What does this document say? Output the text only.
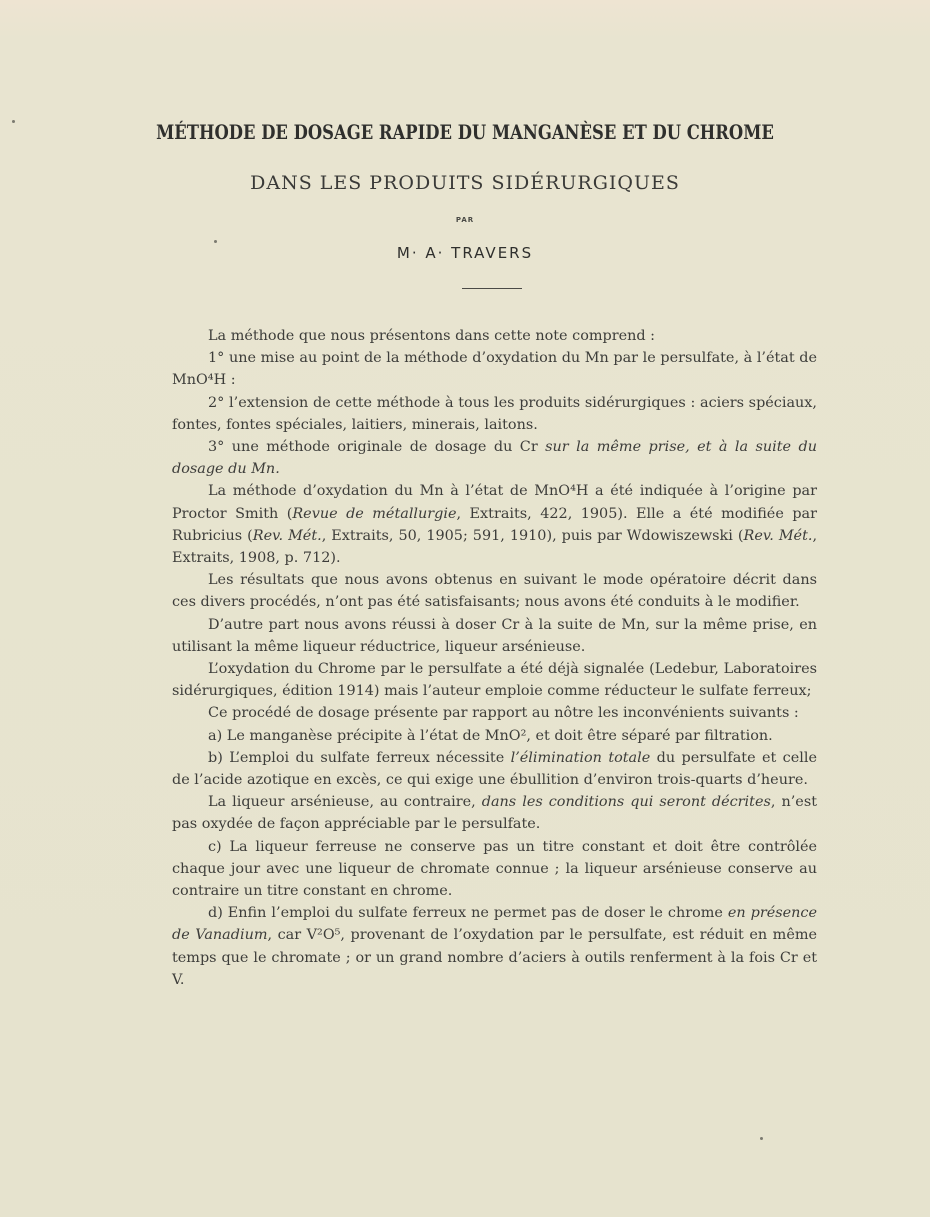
MÉTHODE DE DOSAGE RAPIDE DU MANGANÈSE ET DU CHROME
DANS LES PRODUITS SIDÉRURGIQUES
PAR
M· A· TRAVERS

La méthode que nous présentons dans cette note comprend :

1° une mise au point de la méthode d’oxydation du Mn par le persulfate, à l’état de MnO⁴H :

2° l’extension de cette méthode à tous les produits sidérurgiques : aciers spéciaux, fontes, fontes spéciales, laitiers, minerais, laitons.

3° une méthode originale de dosage du Cr sur la même prise, et à la suite du dosage du Mn.

La méthode d’oxydation du Mn à l’état de MnO⁴H a été indiquée à l’origine par Proctor Smith (Revue de métallurgie, Extraits, 422, 1905). Elle a été modifiée par Rubricius (Rev. Mét., Extraits, 50, 1905; 591, 1910), puis par Wdowiszewski (Rev. Mét., Extraits, 1908, p. 712).

Les résultats que nous avons obtenus en suivant le mode opératoire décrit dans ces divers procédés, n’ont pas été satisfaisants; nous avons été conduits à le modifier.

D’autre part nous avons réussi à doser Cr à la suite de Mn, sur la même prise, en utilisant la même liqueur réductrice, liqueur arsénieuse.

L’oxydation du Chrome par le persulfate a été déjà signalée (Ledebur, Laboratoires sidérurgiques, édition 1914) mais l’auteur emploie comme réducteur le sulfate ferreux;

Ce procédé de dosage présente par rapport au nôtre les inconvénients suivants :

a) Le manganèse précipite à l’état de MnO², et doit être séparé par filtration.

b) L’emploi du sulfate ferreux nécessite l’élimination totale du persulfate et celle de l’acide azotique en excès, ce qui exige une ébullition d’environ trois-quarts d’heure.

La liqueur arsénieuse, au contraire, dans les conditions qui seront décrites, n’est pas oxydée de façon appréciable par le persulfate.

c) La liqueur ferreuse ne conserve pas un titre constant et doit être contrôlée chaque jour avec une liqueur de chromate connue ; la liqueur arsénieuse conserve au contraire un titre constant en chrome.

d) Enfin l’emploi du sulfate ferreux ne permet pas de doser le chrome en présence de Vanadium, car V²O⁵, provenant de l’oxydation par le persulfate, est réduit en même temps que le chromate ; or un grand nombre d’aciers à outils renferment à la fois Cr et V.
